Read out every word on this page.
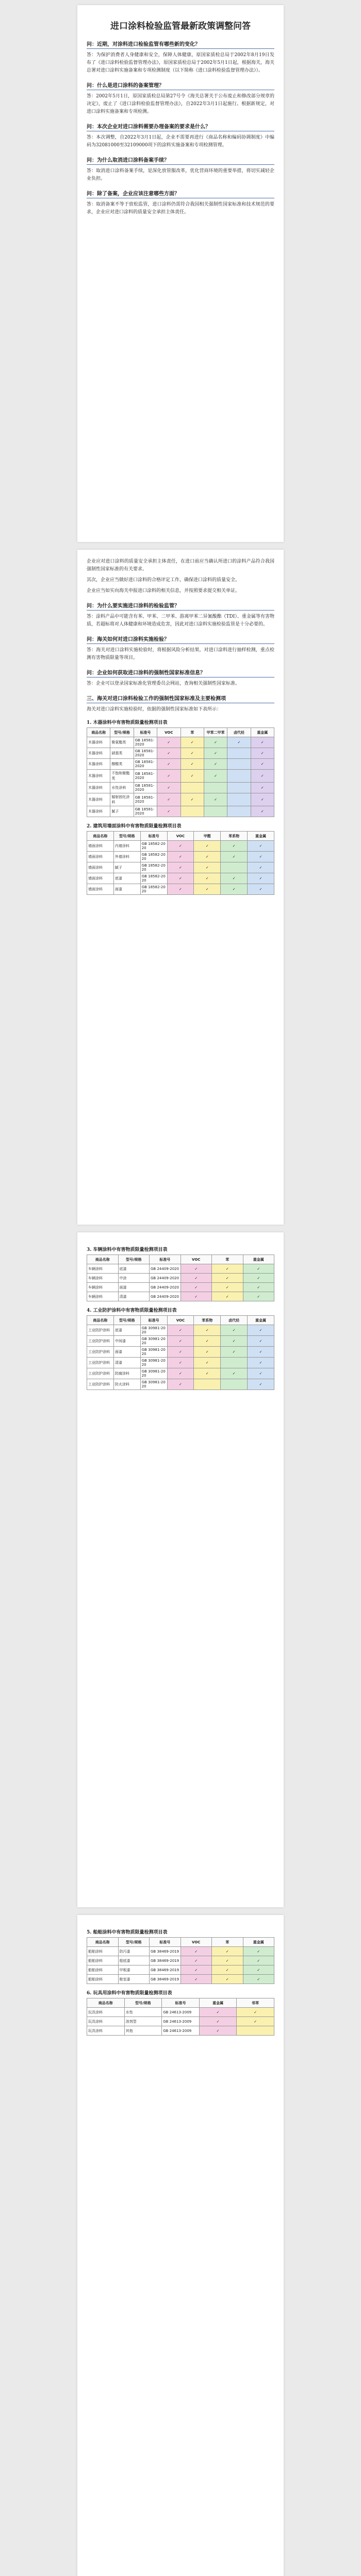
进口涂料检验监管最新政策调整问答
问：近期，对涂料进口检验监管有哪些新的变化？

答：为保护消费者人身健康和安全，保障人体健康，原国家质检总局于2002年8月19日发布了《进口涂料检验监督管理办法》，原国家质检总局于2002年5月1日起，根据海关，海关总署对进口涂料实施备案和专项检测制度（以下简称《进口涂料检验监督管理办法》）。

问：什么是进口涂料的备案管理？

答：2002年5月1日，原国家质检总局第27号令《海关总署关于公布废止和修改部分规章的决定》，废止了《进口涂料检验监督管理办法》，自2022年3月1日起施行。根据新规定，对进口涂料实施备案和专项检测。

问：本次企业对进口涂料需要办理备案的要求是什么？

答：本次调整，自2022年3月1日起，企业不需要再进行《商品名称和编码协调制度》中编码为32081000至32109000项下的涂料实施备案和专项检测管理。

问：为什么取消进口涂料备案手续？

答：取消进口涂料备案手续，是深化放管服改革，优化营商环境的重要举措，将切实减轻企业负担。

问：除了备案，企业应该注意哪些方面？

答：取消备案不等于放松监管，进口涂料仍需符合我国相关强制性国家标准和技术规范的要求，企业应对进口涂料的质量安全承担主体责任。

企业应对进口涂料的质量安全承担主体责任，在进口前应当确认所进口的涂料产品符合我国强制性国家标准的有关要求。

其次，企业应当做好进口涂料的合格评定工作，确保进口涂料的质量安全。

企业应当如实向海关申报进口涂料的相关信息，并按照要求提交相关单证。

问：为什么要实施进口涂料的检验监管？

答：涂料产品中可能含有苯、甲苯、二甲苯、游离甲苯二异氰酸酯（TDI）、重金属等有害物质，若超标将对人体健康和环境造成危害，因此对进口涂料实施检验监管是十分必要的。

问：海关如何对进口涂料实施检验？

答：海关对进口涂料实施检验时，将根据风险分析结果，对进口涂料进行抽样检测，重点检测有害物质限量等项目。

问：企业如何获取进口涂料的强制性国家标准信息？

答：企业可以登录国家标准化管理委员会网站，查询相关强制性国家标准。

三、海关对进口涂料检验工作的强制性国家标准及主要检测项

海关对进口涂料实施检验时，依据的强制性国家标准如下表所示：

1. 木器涂料中有害物质限量检测项目表
商品名称	型号/规格	标准号	VOC	苯	甲苯二甲苯	卤代烃	重金属
木器涂料	聚氨酯类	GB 18581-2020	✓	✓	✓	✓	✓
木器涂料	硝基类	GB 18581-2020	✓	✓	✓		✓
木器涂料	醇酸类	GB 18581-2020	✓	✓	✓		✓
木器涂料	不饱和聚酯类	GB 18581-2020	✓	✓	✓		✓
木器涂料	水性涂料	GB 18581-2020	✓				✓
木器涂料	辐射固化涂料	GB 18581-2020	✓	✓	✓		✓
木器涂料	腻子	GB 18581-2020	✓				✓
2. 建筑用墙面涂料中有害物质限量检测项目表
商品名称	型号/规格	标准号	VOC	甲醛	苯系物	重金属
墙面涂料	内墙涂料	GB 18582-2020	✓	✓	✓	✓
墙面涂料	外墙涂料	GB 18582-2020	✓	✓	✓	✓
墙面涂料	腻子	GB 18582-2020	✓	✓		✓
墙面涂料	底漆	GB 18582-2020	✓	✓	✓	✓
墙面涂料	面漆	GB 18582-2020	✓	✓	✓	✓
3. 车辆涂料中有害物质限量检测项目表
商品名称	型号/规格	标准号	VOC	苯	重金属
车辆涂料	底漆	GB 24409-2020	✓	✓	✓
车辆涂料	中涂	GB 24409-2020	✓	✓	✓
车辆涂料	面漆	GB 24409-2020	✓	✓	✓
车辆涂料	清漆	GB 24409-2020	✓	✓	✓
4. 工业防护涂料中有害物质限量检测项目表
商品名称	型号/规格	标准号	VOC	苯系物	卤代烃	重金属
工业防护涂料	底漆	GB 30981-2020	✓	✓	✓	✓
工业防护涂料	中间漆	GB 30981-2020	✓	✓	✓	✓
工业防护涂料	面漆	GB 30981-2020	✓	✓	✓	✓
工业防护涂料	清漆	GB 30981-2020	✓	✓		✓
工业防护涂料	防腐涂料	GB 30981-2020	✓	✓	✓	✓
工业防护涂料	防火涂料	GB 30981-2020	✓			✓
5. 船舶涂料中有害物质限量检测项目表
商品名称	型号/规格	标准号	VOC	苯	重金属
船舶涂料	防污漆	GB 38469-2019	✓	✓	✓
船舶涂料	船底漆	GB 38469-2019	✓	✓	✓
船舶涂料	甲板漆	GB 38469-2019	✓	✓	✓
船舶涂料	舱室漆	GB 38469-2019	✓	✓	✓
6. 玩具用涂料中有害物质限量检测项目表
商品名称	型号/规格	标准号	重金属	邻苯
玩具涂料	水性	GB 24613-2009	✓	✓
玩具涂料	溶剂型	GB 24613-2009	✓	✓
玩具涂料	其他	GB 24613-2009	✓	
